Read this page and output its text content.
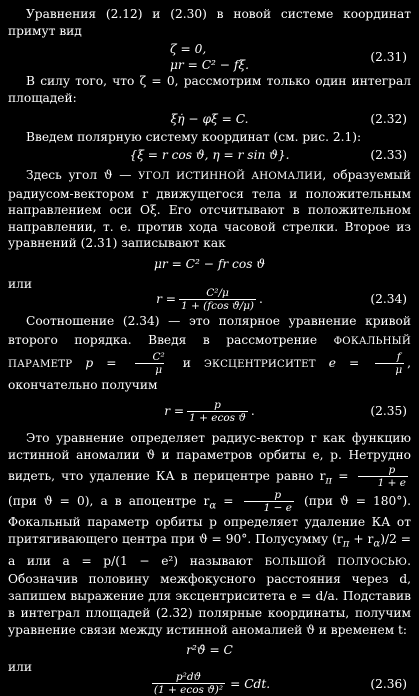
Уравнения (2.12) и (2.30) в новой системе координат примут вид

ζ = 0,
μr = C² − fξ.
(2.31)

В силу того, что ζ = 0, рассмотрим только один интеграл площадей:

ξη̇ − φξ̇ = C.	(2.32)

Введем полярную систему координат (см. рис. 2.1):

{ξ = r cos ϑ, η = r sin ϑ}.	(2.33)

Здесь угол ϑ — УГОЛ ИСТИННОЙ АНОМАЛИИ, образуемый радиусом-вектором r движущегося тела и положительным направлением оси Oξ. Его отсчитывают в положительном направлении, т. е. против хода часовой стрелки. Второе из уравнений (2.31) записывают как

μr = C² − fr cos ϑ

или

$r = \frac{\text{C²/μ}}{\text{1 + (fcos ϑ/μ)}}$ .	(2.34)

Соотношение (2.34) — это полярное уравнение кривой второго порядка. Введя в рассмотрение ФОКАЛЬНЫЙ ПАРАМЕТР $p = \frac{\text{C²}}{\mu}$ и ЭКСЦЕНТРИСИТЕТ $e = \frac{f}{\mu}$ , окончательно получим

$r = \frac{p}{\text{1 + ecos ϑ}}$ .	(2.35)

Это уравнение определяет радиус-вектор r как функцию истинной аномалии ϑ и параметров орбиты e, p. Нетрудно видеть, что удаление КА в перицентре равно $r_\pi = \frac{p}{1 + e}$
(при ϑ = 0), а в апоцентре $r_\alpha = \frac{p}{1 - e} (при$ ϑ = 180°). Фокальный параметр орбиты p определяет удаление КА от притягивающего центра при ϑ = 90°. Полусумму $(r_\pi + r_\alpha)/2 = a$ или a = p/(1 − e²) называют БОЛЬШОЙ ПОЛУОСЬЮ. Обозначив половину межфокусного расстояния через d, запишем выражение для эксцентриситета e = d/a. Подставив в интеграл площадей (2.32) полярные координаты, получим уравнение связи между истинной аномалией ϑ и временем t:

r²ϑ̇ = C

или

$\frac{\text{p²dϑ}}{\text{(1 + ecos ϑ)²}}$ = Cdt.	(2.36)
